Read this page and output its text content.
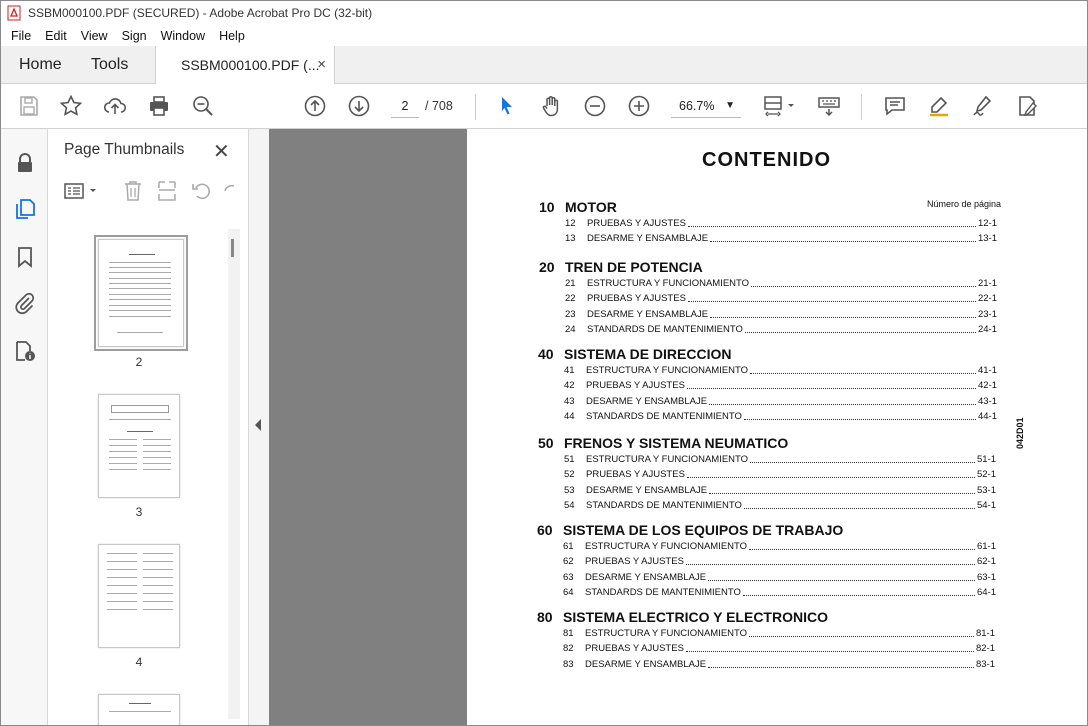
SSBM000100.PDF (SECURED) - Adobe Acrobat Pro DC (32-bit)
File	Edit	View	Sign	Window	Help
Home Tools	SSBM000100.PDF (...
×
2	/ 708	66.7% ▼
Page Thumbnails ✕
2
3
4
CONTENIDO
Número de página
042D01
10 MOTOR
12	PRUEBAS Y AJUSTES	12-1
13	DESARME Y ENSAMBLAJE	13-1
20 TREN DE POTENCIA
21	ESTRUCTURA Y FUNCIONAMIENTO	21-1
22	PRUEBAS Y AJUSTES	22-1
23	DESARME Y ENSAMBLAJE	23-1
24	STANDARDS DE MANTENIMIENTO	24-1
40 SISTEMA DE DIRECCION
41	ESTRUCTURA Y FUNCIONAMIENTO	41-1
42	PRUEBAS Y AJUSTES	42-1
43	DESARME Y ENSAMBLAJE	43-1
44	STANDARDS DE MANTENIMIENTO	44-1
50 FRENOS Y SISTEMA NEUMATICO
51	ESTRUCTURA Y FUNCIONAMIENTO	51-1
52	PRUEBAS Y AJUSTES	52-1
53	DESARME Y ENSAMBLAJE	53-1
54	STANDARDS DE MANTENIMIENTO	54-1
60 SISTEMA DE LOS EQUIPOS DE TRABAJO
61	ESTRUCTURA Y FUNCIONAMIENTO	61-1
62	PRUEBAS Y AJUSTES	62-1
63	DESARME Y ENSAMBLAJE	63-1
64	STANDARDS DE MANTENIMIENTO	64-1
80 SISTEMA ELECTRICO Y ELECTRONICO
81	ESTRUCTURA Y FUNCIONAMIENTO	81-1
82	PRUEBAS Y AJUSTES	82-1
83	DESARME Y ENSAMBLAJE	83-1
